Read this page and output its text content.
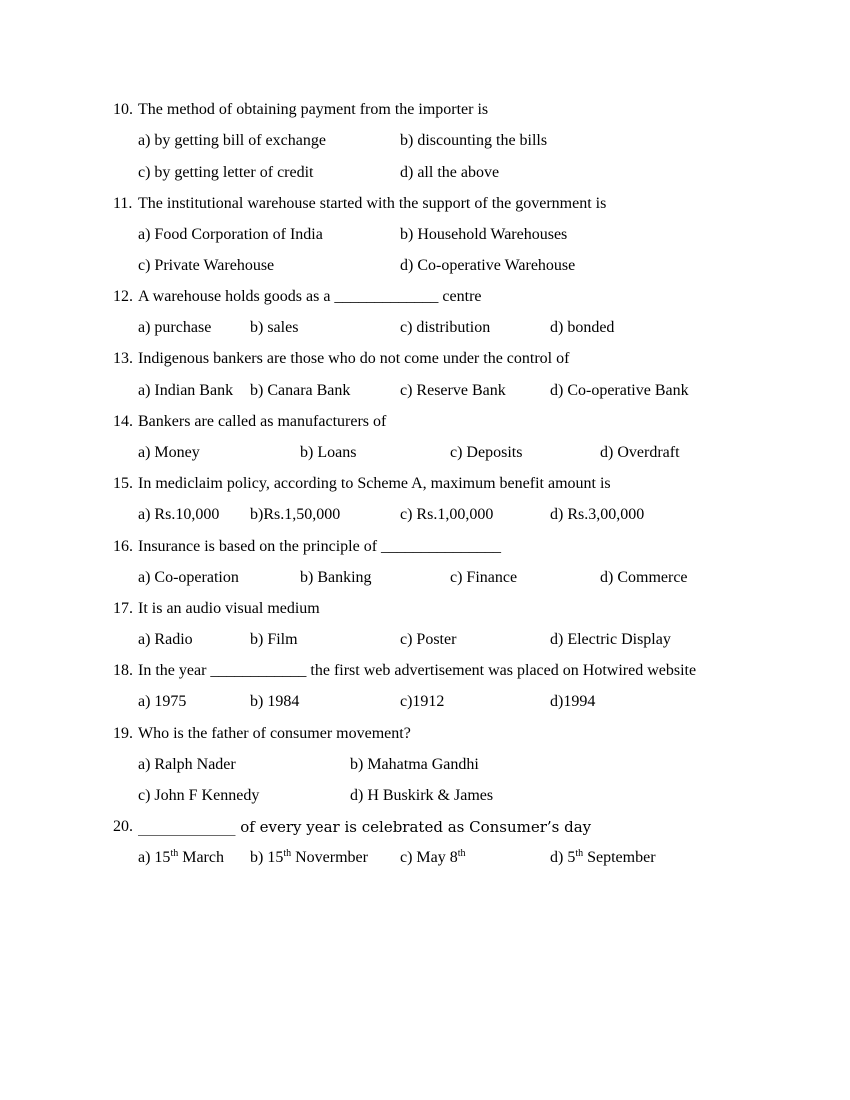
10. The method of obtaining payment from the importer is
a) by getting bill of exchange	b) discounting the bills
c) by getting letter of credit	d) all the above
11. The institutional warehouse started with the support of the government is
a) Food Corporation of India	b) Household Warehouses
c) Private Warehouse	d) Co-operative Warehouse
12. A warehouse holds goods as a _____________ centre
a) purchase b) sales	c) distribution	d) bonded
13. Indigenous bankers are those who do not come under the control of
a) Indian Bank b) Canara Bank	c) Reserve Bank	d) Co-operative Bank
14. Bankers are called as manufacturers of
a) Money	b) Loans	c) Deposits	d) Overdraft
15. In mediclaim policy, according to Scheme A, maximum benefit amount is
a) Rs.10,000 b)Rs.1,50,000	c) Rs.1,00,000	d) Rs.3,00,000
16. Insurance is based on the principle of _______________
a) Co-operation	b) Banking	c) Finance	d) Commerce
17. It is an audio visual medium
a) Radio	b) Film	c) Poster	d) Electric Display
18. In the year ____________ the first web advertisement was placed on Hotwired website
a) 1975	b) 1984	c)1912	d)1994
19. Who is the father of consumer movement?
a) Ralph Nader	b) Mahatma Gandhi
c) John F Kennedy	d) H Buskirk & James
20. _____________ of every year is celebrated as Consumer’s day
a) 15th March b) 15th Novermber c) May 8th	d) 5th September
